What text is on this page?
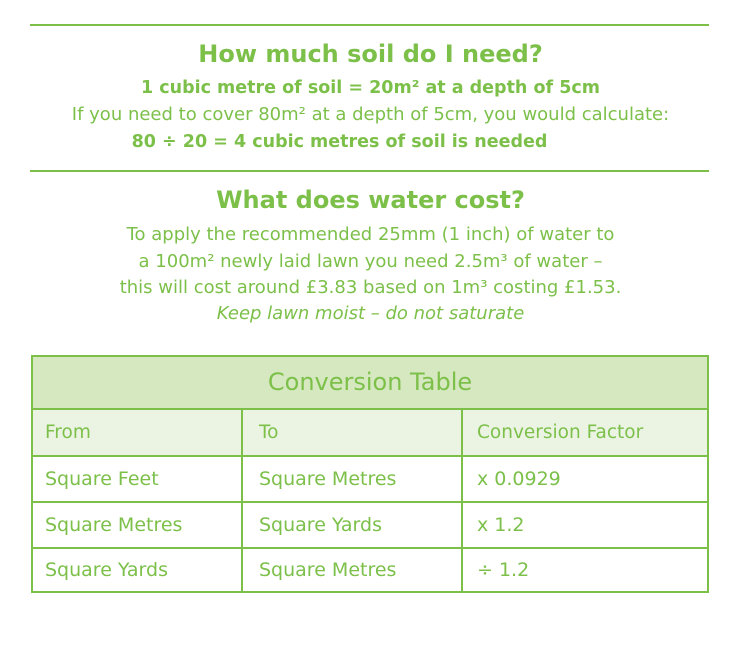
How much soil do I need?
1 cubic metre of soil = 20m² at a depth of 5cm
If you need to cover 80m² at a depth of 5cm, you would calculate:
80 ÷ 20 = 4 cubic metres of soil is needed
What does water cost?
To apply the recommended 25mm (1 inch) of water to
a 100m² newly laid lawn you need 2.5m³ of water –
this will cost around £3.83 based on 1m³ costing £1.53.
Keep lawn moist – do not saturate
Conversion Table
From	To	Conversion Factor
Square Feet	Square Metres	x 0.0929
Square Metres	Square Yards	x 1.2
Square Yards	Square Metres	÷ 1.2
